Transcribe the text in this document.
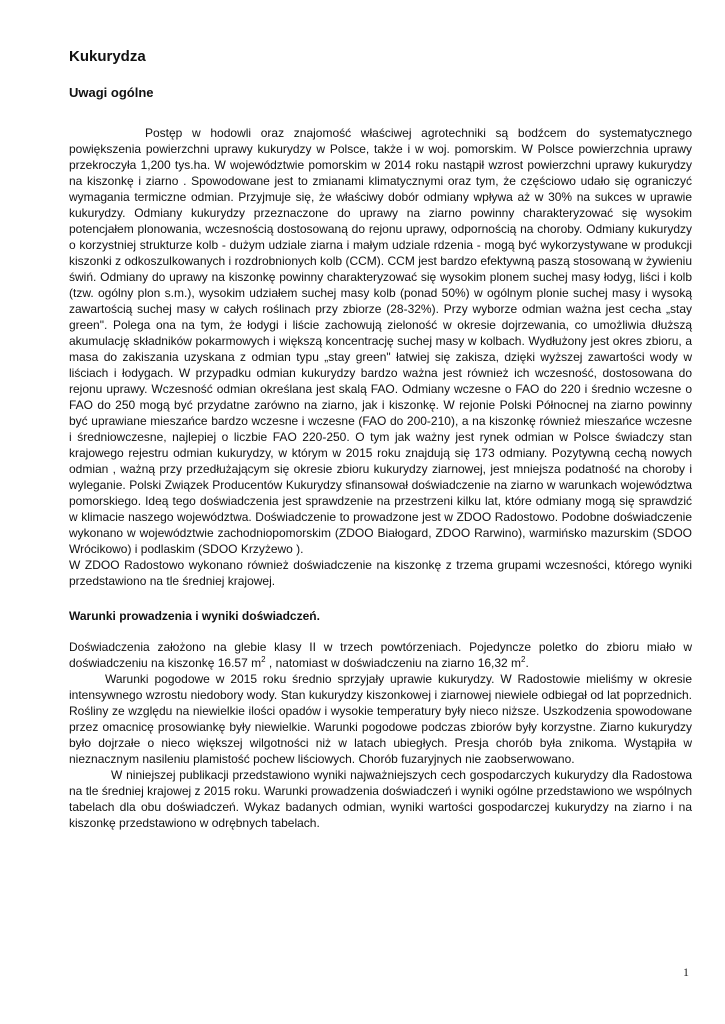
Kukurydza
Uwagi ogólne

Postęp w hodowli oraz znajomość właściwej agrotechniki są bodźcem do systematycznego powiększenia powierzchni uprawy kukurydzy w Polsce, także i w woj. pomorskim. W Polsce powierzchnia uprawy przekroczyła 1,200 tys.ha. W województwie pomorskim w 2014 roku nastąpił wzrost powierzchni uprawy kukurydzy na kiszonkę i ziarno . Spowodowane jest to zmianami klimatycznymi oraz tym, że częściowo udało się ograniczyć wymagania termiczne odmian. Przyjmuje się, że właściwy dobór odmiany wpływa aż w 30% na sukces w uprawie kukurydzy. Odmiany kukurydzy przeznaczone do uprawy na ziarno powinny charakteryzować się wysokim potencjałem plonowania, wczesnością dostosowaną do rejonu uprawy, odpornością na choroby. Odmiany kukurydzy o korzystniej strukturze kolb - dużym udziale ziarna i małym udziale rdzenia - mogą być wykorzystywane w produkcji kiszonki z odkoszulkowanych i rozdrobnionych kolb (CCM). CCM jest bardzo efektywną paszą stosowaną w żywieniu świń. Odmiany do uprawy na kiszonkę powinny charakteryzować się wysokim plonem suchej masy łodyg, liści i kolb (tzw. ogólny plon s.m.), wysokim udziałem suchej masy kolb (ponad 50%) w ogólnym plonie suchej masy i wysoką zawartością suchej masy w całych roślinach przy zbiorze (28-32%). Przy wyborze odmian ważna jest cecha „stay green". Polega ona na tym, że łodygi i liście zachowują zieloność w okresie dojrzewania, co umożliwia dłuższą akumulację składników pokarmowych i większą koncentrację suchej masy w kolbach. Wydłużony jest okres zbioru, a masa do zakiszania uzyskana z odmian typu „stay green" łatwiej się zakisza, dzięki wyższej zawartości wody w liściach i łodygach. W przypadku odmian kukurydzy bardzo ważna jest również ich wczesność, dostosowana do rejonu uprawy. Wczesność odmian określana jest skalą FAO. Odmiany wczesne o FAO do 220 i średnio wczesne o FAO do 250 mogą być przydatne zarówno na ziarno, jak i kiszonkę. W rejonie Polski Północnej na ziarno powinny być uprawiane mieszańce bardzo wczesne i wczesne (FAO do 200-210), a na kiszonkę również mieszańce wczesne i średniowczesne, najlepiej o liczbie FAO 220-250. O tym jak ważny jest rynek odmian w Polsce świadczy stan krajowego rejestru odmian kukurydzy, w którym w 2015 roku znajdują się 173 odmiany. Pozytywną cechą nowych odmian , ważną przy przedłużającym się okresie zbioru kukurydzy ziarnowej, jest mniejsza podatność na choroby i wyleganie. Polski Związek Producentów Kukurydzy sfinansował doświadczenie na ziarno w warunkach województwa pomorskiego. Ideą tego doświadczenia jest sprawdzenie na przestrzeni kilku lat, które odmiany mogą się sprawdzić w klimacie naszego województwa. Doświadczenie to prowadzone jest w ZDOO Radostowo. Podobne doświadczenie wykonano w województwie zachodniopomorskim (ZDOO Białogard, ZDOO Rarwino), warmińsko mazurskim (SDOO Wrócikowo) i podlaskim (SDOO Krzyżewo ).

W ZDOO Radostowo wykonano również doświadczenie na kiszonkę z trzema grupami wczesności, którego wyniki przedstawiono na tle średniej krajowej.

Warunki prowadzenia i wyniki doświadczeń.

Doświadczenia założono na glebie klasy II w trzech powtórzeniach. Pojedyncze poletko do zbioru miało w doświadczeniu na kiszonkę 16.57 $m^2$ , natomiast w doświadczeniu na ziarno 16,32 $m^2$.

Warunki pogodowe w 2015 roku średnio sprzyjały uprawie kukurydzy. W Radostowie mieliśmy w okresie intensywnego wzrostu niedobory wody. Stan kukurydzy kiszonkowej i ziarnowej niewiele odbiegał od lat poprzednich. Rośliny ze względu na niewielkie ilości opadów i wysokie temperatury były nieco niższe. Uszkodzenia spowodowane przez omacnicę prosowiankę były niewielkie. Warunki pogodowe podczas zbiorów były korzystne. Ziarno kukurydzy było dojrzałe o nieco większej wilgotności niż w latach ubiegłych. Presja chorób była znikoma. Wystąpiła w nieznacznym nasileniu plamistość pochew liściowych. Chorób fuzaryjnych nie zaobserwowano.

W niniejszej publikacji przedstawiono wyniki najważniejszych cech gospodarczych kukurydzy dla Radostowa na tle średniej krajowej z 2015 roku. Warunki prowadzenia doświadczeń i wyniki ogólne przedstawiono we wspólnych tabelach dla obu doświadczeń. Wykaz badanych odmian, wyniki wartości gospodarczej kukurydzy na ziarno i na kiszonkę przedstawiono w odrębnych tabelach.

1
